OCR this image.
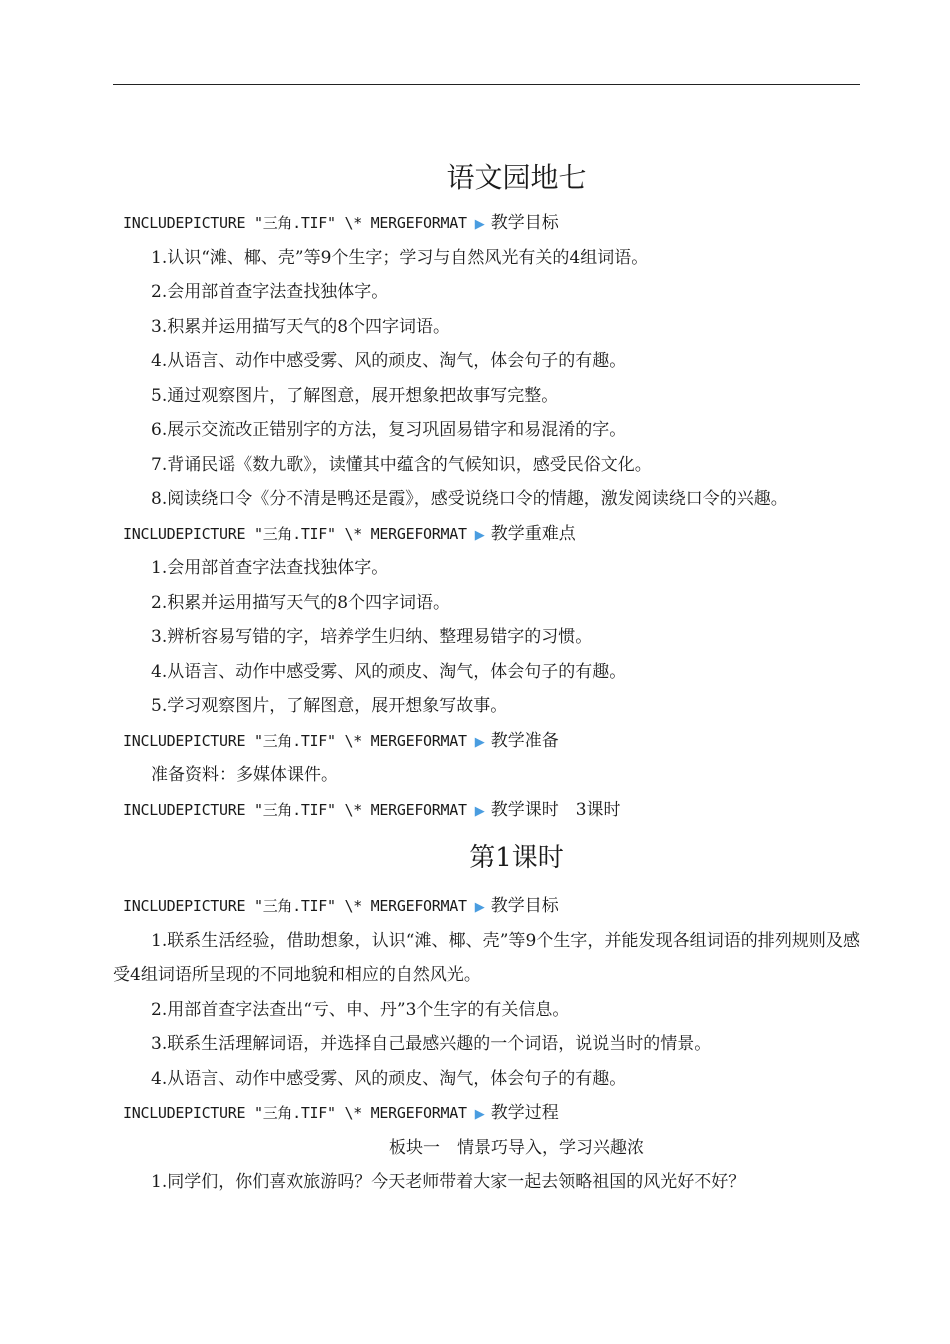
语文园地七
INCLUDEPICTURE "三角.TIF" \* MERGEFORMAT ▶ 教学目标
1.认识“滩、椰、壳”等9个生字；学习与自然风光有关的4组词语。
2.会用部首查字法查找独体字。
3.积累并运用描写天气的8个四字词语。
4.从语言、动作中感受雾、风的顽皮、淘气，体会句子的有趣。
5.通过观察图片，了解图意，展开想象把故事写完整。
6.展示交流改正错别字的方法，复习巩固易错字和易混淆的字。
7.背诵民谣《数九歌》，读懂其中蕴含的气候知识，感受民俗文化。
8.阅读绕口令《分不清是鸭还是霞》，感受说绕口令的情趣，激发阅读绕口令的兴趣。
INCLUDEPICTURE "三角.TIF" \* MERGEFORMAT ▶ 教学重难点
1.会用部首查字法查找独体字。
2.积累并运用描写天气的8个四字词语。
3.辨析容易写错的字，培养学生归纳、整理易错字的习惯。
4.从语言、动作中感受雾、风的顽皮、淘气，体会句子的有趣。
5.学习观察图片，了解图意，展开想象写故事。
INCLUDEPICTURE "三角.TIF" \* MERGEFORMAT ▶ 教学准备
准备资料：多媒体课件。
INCLUDEPICTURE "三角.TIF" \* MERGEFORMAT ▶ 教学课时　3课时
第1课时
INCLUDEPICTURE "三角.TIF" \* MERGEFORMAT ▶ 教学目标
1.联系生活经验，借助想象，认识“滩、椰、壳”等9个生字，并能发现各组词语的排列规则及感受4组词语所呈现的不同地貌和相应的自然风光。
2.用部首查字法查出“亏、申、丹”3个生字的有关信息。
3.联系生活理解词语，并选择自己最感兴趣的一个词语，说说当时的情景。
4.从语言、动作中感受雾、风的顽皮、淘气，体会句子的有趣。
INCLUDEPICTURE "三角.TIF" \* MERGEFORMAT ▶ 教学过程
板块一　情景巧导入，学习兴趣浓
1.同学们，你们喜欢旅游吗？今天老师带着大家一起去领略祖国的风光好不好？
